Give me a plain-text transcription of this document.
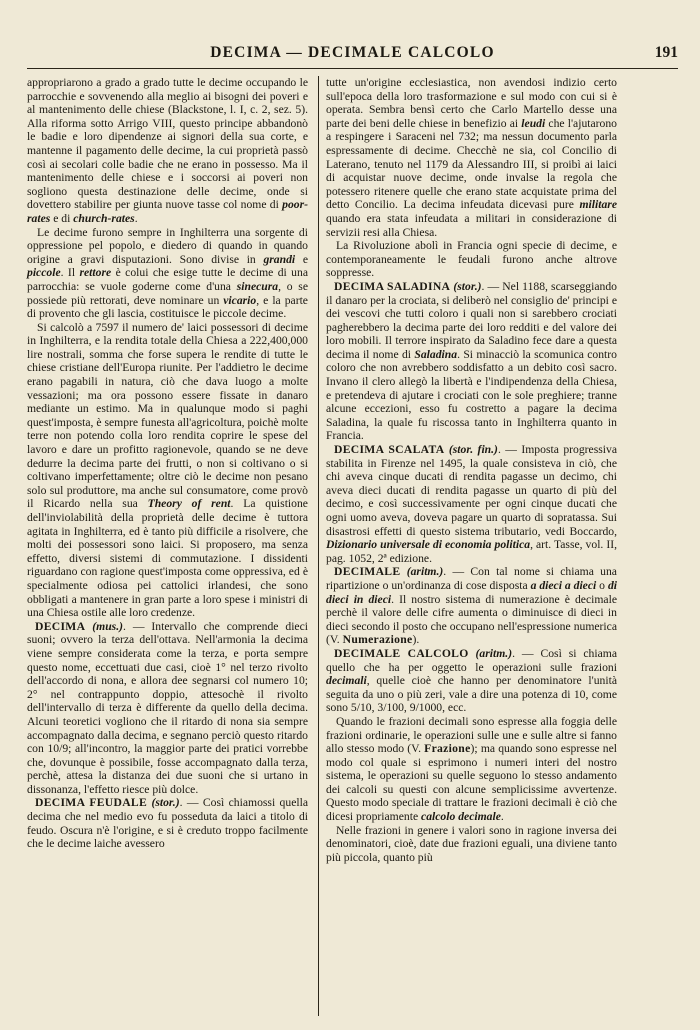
DECIMA — DECIMALE CALCOLO	191

appropriarono a grado a grado tutte le decime occupando le parrocchie e sovvenendo alla meglio ai bisogni dei poveri e al mantenimento delle chiese (Blackstone, l. I, c. 2, sez. 5). Alla riforma sotto Arrigo VIII, questo principe abbandonò le badie e loro dipendenze ai signori della sua corte, e mantenne il pagamento delle decime, la cui proprietà passò così ai secolari colle badie che ne erano in possesso. Ma il mantenimento delle chiese e i soccorsi ai poveri non sogliono questa destinazione delle decime, onde si dovettero stabilire per giunta nuove tasse col nome di poor-rates e di church-rates.

Le decime furono sempre in Inghilterra una sorgente di oppressione pel popolo, e diedero di quando in quando origine a gravi disputazioni. Sono divise in grandi e piccole. Il rettore è colui che esige tutte le decime di una parrocchia: se vuole goderne come d'una sinecura, o se possiede più rettorati, deve nominare un vicario, e la parte di provento che gli lascia, costituisce le piccole decime.

Si calcolò a 7597 il numero de' laici possessori di decime in Inghilterra, e la rendita totale della Chiesa a 222,400,000 lire nostrali, somma che forse supera le rendite di tutte le chiese cristiane dell'Europa riunite. Per l'addietro le decime erano pagabili in natura, ciò che dava luogo a molte vessazioni; ma ora possono essere fissate in danaro mediante un estimo. Ma in qualunque modo si paghi quest'imposta, è sempre funesta all'agricoltura, poichè molte terre non potendo colla loro rendita coprire le spese del lavoro e dare un profitto ragionevole, quando se ne deve dedurre la decima parte dei frutti, o non si coltivano o si coltivano imperfettamente; oltre ciò le decime non pesano solo sul produttore, ma anche sul consumatore, come provò il Ricardo nella sua Theory of rent. La quistione dell'inviolabilità della proprietà delle decime è tuttora agitata in Inghilterra, ed è tanto più difficile a risolvere, che molti dei possessori sono laici. Si proposero, ma senza effetto, diversi sistemi di commutazione. I dissidenti riguardano con ragione quest'imposta come oppressiva, ed è specialmente odiosa pei cattolici irlandesi, che sono obbligati a mantenere in gran parte a loro spese i ministri di una Chiesa ostile alle loro credenze.

DECIMA (mus.). — Intervallo che comprende dieci suoni; ovvero la terza dell'ottava. Nell'armonia la decima viene sempre considerata come la terza, e porta sempre questo nome, eccettuati due casi, cioè 1° nel terzo rivolto dell'accordo di nona, e allora dee segnarsi col numero 10; 2° nel contrappunto doppio, attesochè il rivolto dell'intervallo di terza è differente da quello della decima. Alcuni teoretici vogliono che il ritardo di nona sia sempre accompagnato dalla decima, e segnano perciò questo ritardo con 10/9; all'incontro, la maggior parte dei pratici vorrebbe che, dovunque è possibile, fosse accompagnato dalla terza, perchè, attesa la distanza dei due suoni che si urtano in dissonanza, l'effetto riesce più dolce.

DECIMA FEUDALE (stor.). — Così chiamossi quella decima che nel medio evo fu posseduta da laici a titolo di feudo. Oscura n'è l'origine, e si è creduto troppo facilmente che le decime laiche avessero

tutte un'origine ecclesiastica, non avendosi indizio certo sull'epoca della loro trasformazione e sul modo con cui si è operata. Sembra bensì certo che Carlo Martello desse una parte dei beni delle chiese in benefizio ai leudi che l'ajutarono a respingere i Saraceni nel 732; ma nessun documento parla espressamente di decime. Checchè ne sia, col Concilio di Laterano, tenuto nel 1179 da Alessandro III, si proibì ai laici di acquistar nuove decime, onde invalse la regola che potessero ritenere quelle che erano state acquistate prima del detto Concilio. La decima infeudata dicevasi pure militare quando era stata infeudata a militari in considerazione di servizii resi alla Chiesa.

La Rivoluzione abolì in Francia ogni specie di decime, e contemporaneamente le feudali furono anche altrove soppresse.

DECIMA SALADINA (stor.). — Nel 1188, scarseggiando il danaro per la crociata, si deliberò nel consiglio de' principi e dei vescovi che tutti coloro i quali non si sarebbero crociati pagherebbero la decima parte dei loro redditi e del valore dei loro mobili. Il terrore inspirato da Saladino fece dare a questa decima il nome di Saladina. Si minacciò la scomunica contro coloro che non avrebbero soddisfatto a un debito così sacro. Invano il clero allegò la libertà e l'indipendenza della Chiesa, e pretendeva di ajutare i crociati con le sole preghiere; tranne alcune eccezioni, esso fu costretto a pagare la decima Saladina, la quale fu riscossa tanto in Inghilterra quanto in Francia.

DECIMA SCALATA (stor. fin.). — Imposta progressiva stabilita in Firenze nel 1495, la quale consisteva in ciò, che chi aveva cinque ducati di rendita pagasse un decimo, chi aveva dieci ducati di rendita pagasse un quarto di più del decimo, e così successivamente per ogni cinque ducati che ogni uomo aveva, doveva pagare un quarto di sopratassa. Sui disastrosi effetti di questo sistema tributario, vedi Boccardo, Dizionario universale di economia politica, art. Tasse, vol. II, pag. 1052, 2ª edizione.

DECIMALE (aritm.). — Con tal nome si chiama una ripartizione o un'ordinanza di cose disposta a dieci a dieci o di dieci in dieci. Il nostro sistema di numerazione è decimale perchè il valore delle cifre aumenta o diminuisce di dieci in dieci secondo il posto che occupano nell'espressione numerica (V. Numerazione).

DECIMALE CALCOLO (aritm.). — Così si chiama quello che ha per oggetto le operazioni sulle frazioni decimali, quelle cioè che hanno per denominatore l'unità seguita da uno o più zeri, vale a dire una potenza di 10, come sono 5/10, 3/100, 9/1000, ecc.

Quando le frazioni decimali sono espresse alla foggia delle frazioni ordinarie, le operazioni sulle une e sulle altre si fanno allo stesso modo (V. Frazione); ma quando sono espresse nel modo col quale si esprimono i numeri interi del nostro sistema, le operazioni su quelle seguono lo stesso andamento dei calcoli su questi con alcune semplicissime avvertenze. Questo modo speciale di trattare le frazioni decimali è ciò che dicesi propriamente calcolo decimale.

Nelle frazioni in genere i valori sono in ragione inversa dei denominatori, cioè, date due frazioni eguali, una diviene tanto più piccola, quanto più
